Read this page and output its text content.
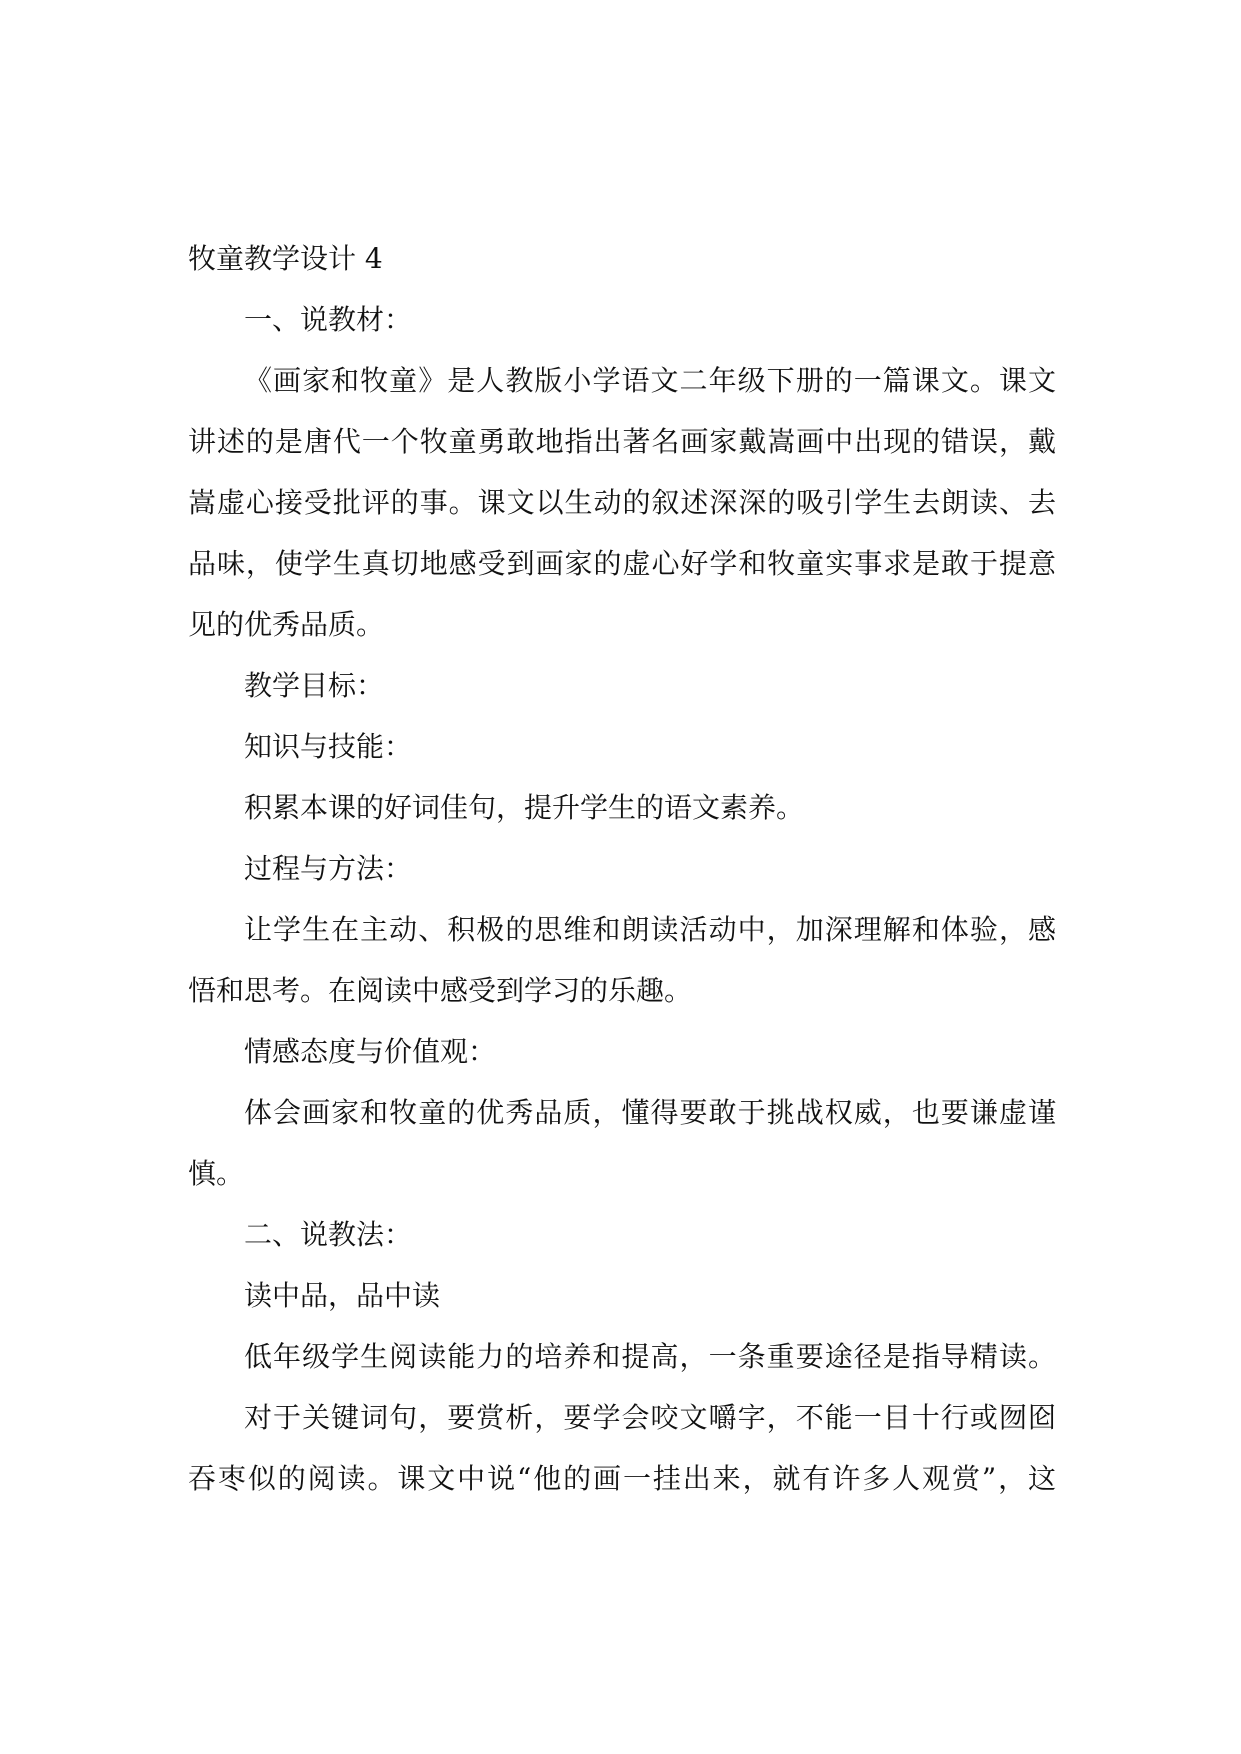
牧童教学设计 4
一、说教材：
《画家和牧童》是人教版小学语文二年级下册的一篇课文。课文
讲述的是唐代一个牧童勇敢地指出著名画家戴嵩画中出现的错误，戴
嵩虚心接受批评的事。课文以生动的叙述深深的吸引学生去朗读、去
品味，使学生真切地感受到画家的虚心好学和牧童实事求是敢于提意
见的优秀品质。
教学目标：
知识与技能：
积累本课的好词佳句，提升学生的语文素养。
过程与方法：
让学生在主动、积极的思维和朗读活动中，加深理解和体验，感
悟和思考。在阅读中感受到学习的乐趣。
情感态度与价值观：
体会画家和牧童的优秀品质，懂得要敢于挑战权威，也要谦虚谨
慎。
二、说教法：
读中品，品中读
低年级学生阅读能力的培养和提高，一条重要途径是指导精读。
对于关键词句，要赏析，要学会咬文嚼字，不能一目十行或囫囵
吞枣似的阅读。课文中说“他的画一挂出来，就有许多人观赏”，这
